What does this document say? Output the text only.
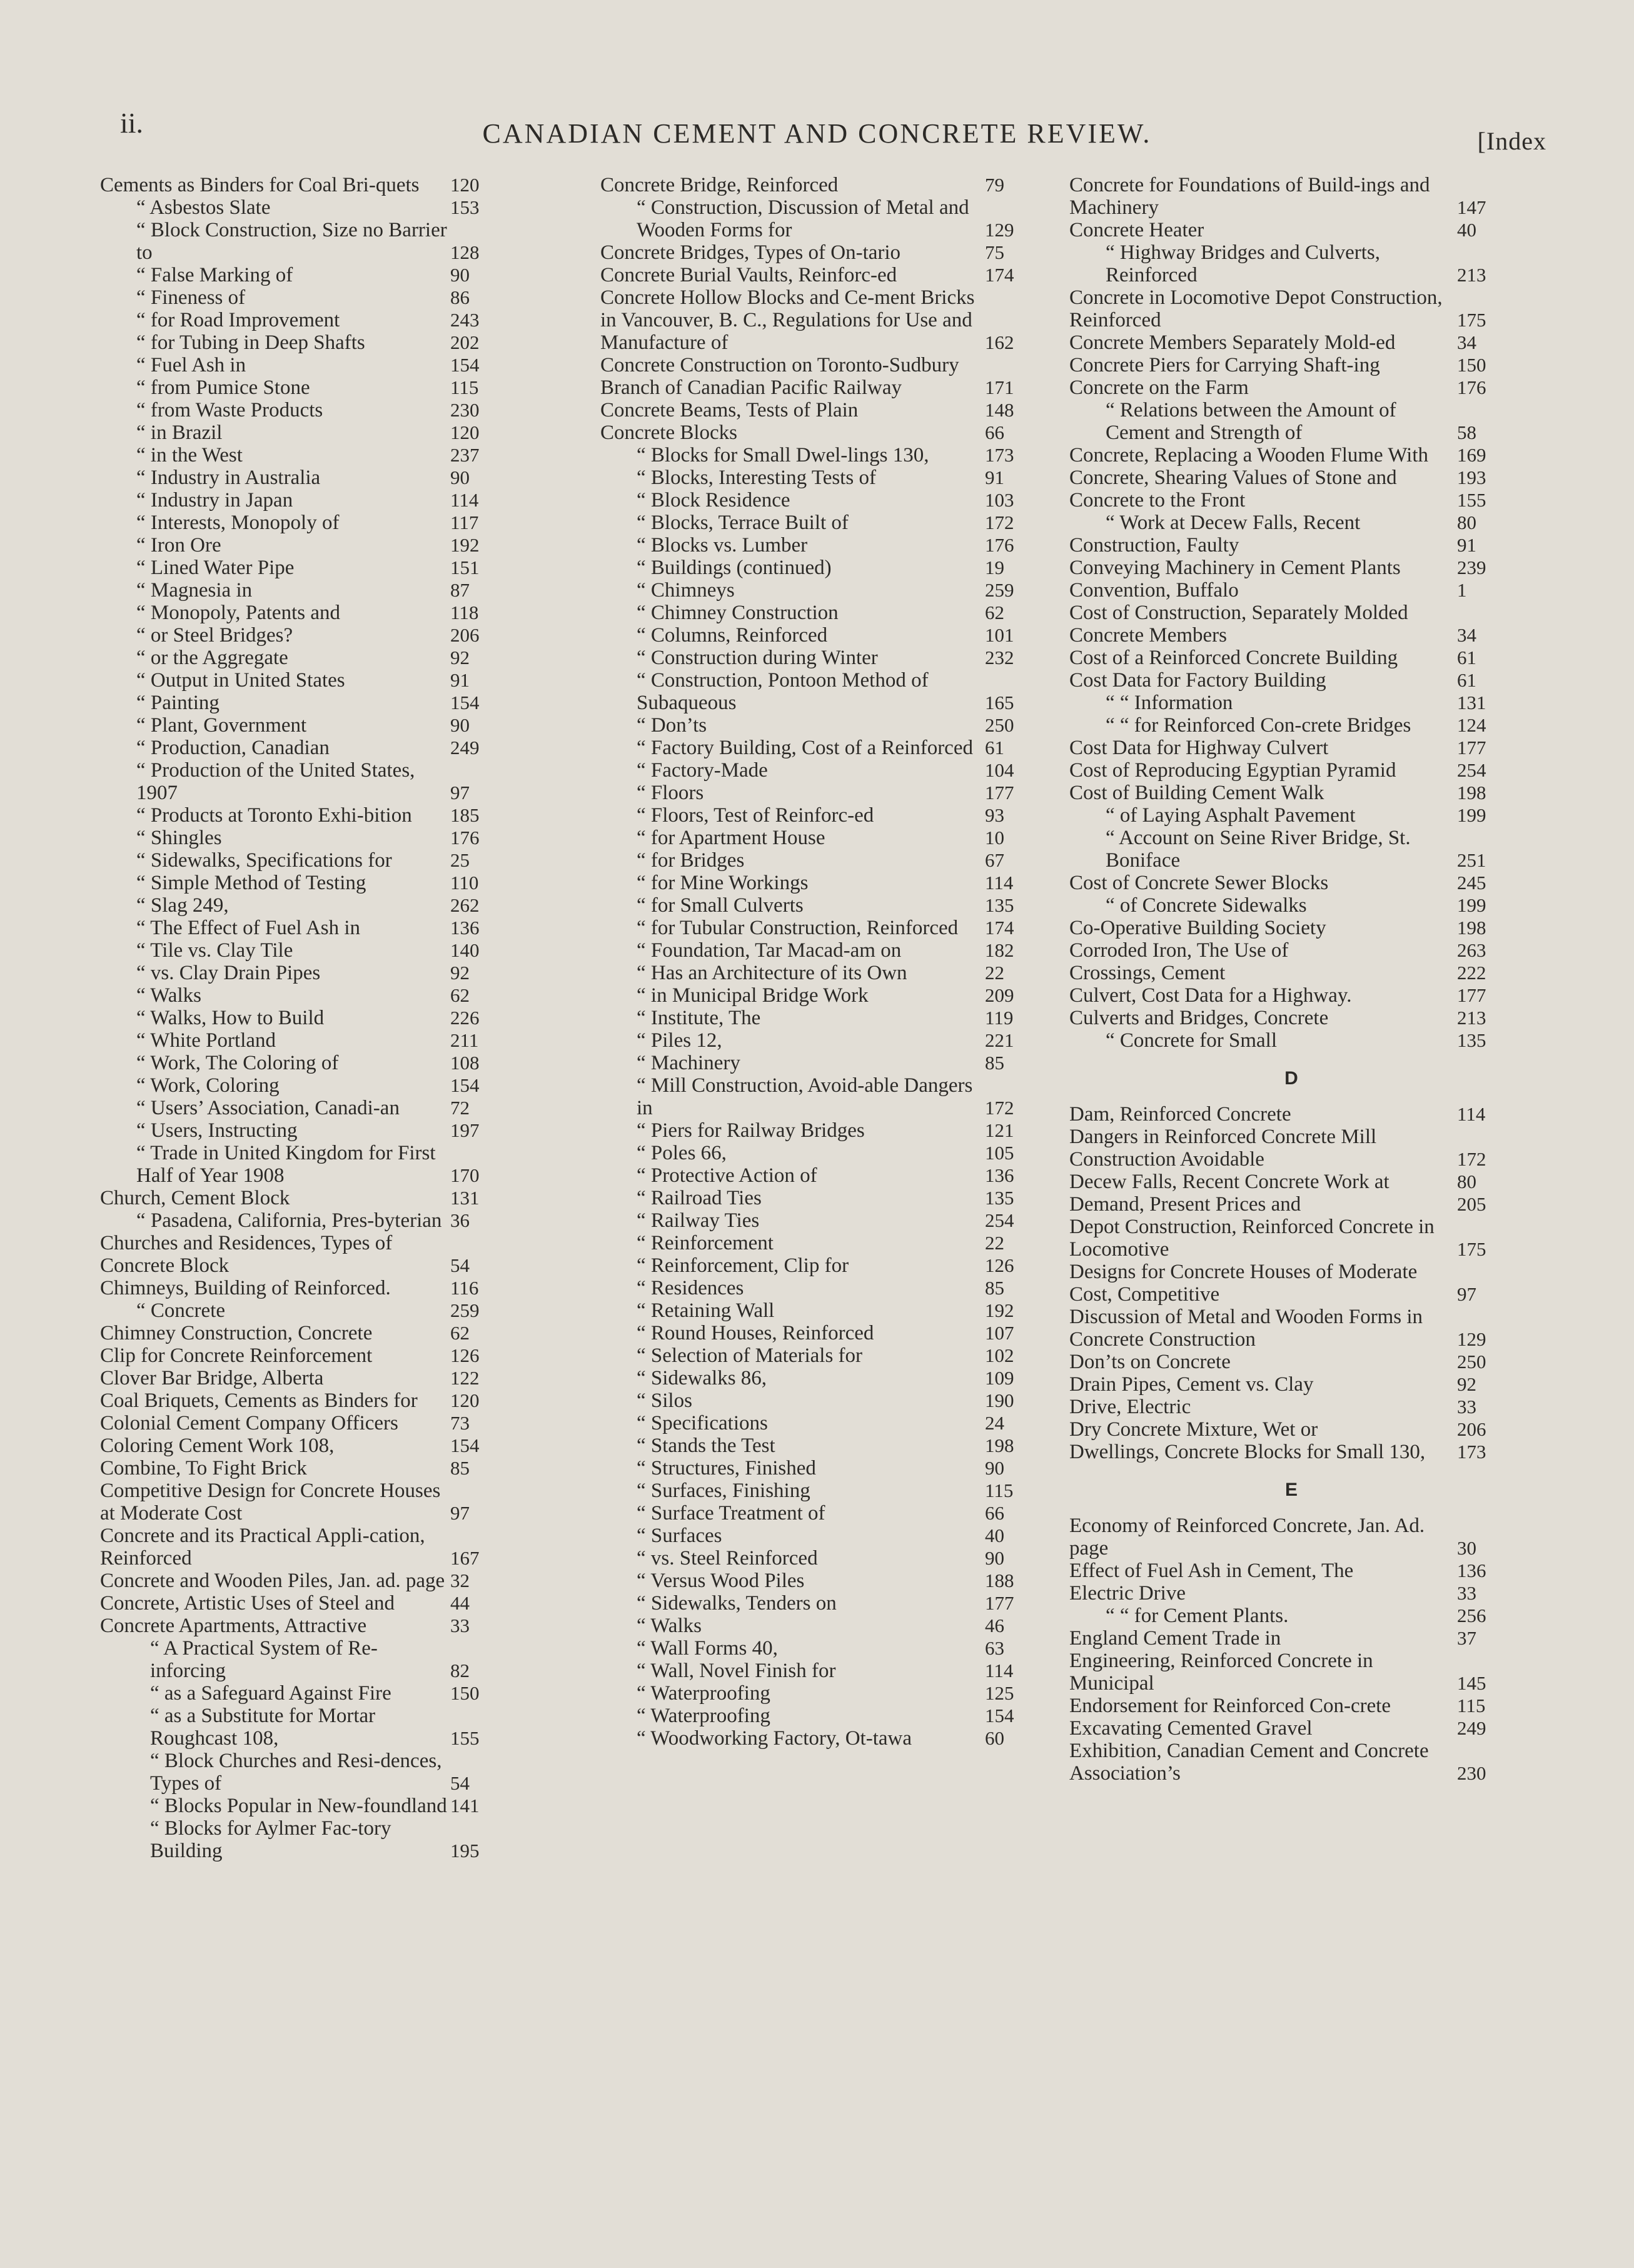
ii.	CANADIAN CEMENT AND CONCRETE REVIEW.	[Index
Cements as Binders for Coal Bri-quets	120
“ Asbestos Slate	153
“ Block Construction, Size no Barrier to	128
“ False Marking of	90
“ Fineness of	86
“ for Road Improvement	243
“ for Tubing in Deep Shafts	202
“ Fuel Ash in	154
“ from Pumice Stone	115
“ from Waste Products	230
“ in Brazil	120
“ in the West	237
“ Industry in Australia	90
“ Industry in Japan	114
“ Interests, Monopoly of	117
“ Iron Ore	192
“ Lined Water Pipe	151
“ Magnesia in	87
“ Monopoly, Patents and	118
“ or Steel Bridges?	206
“ or the Aggregate	92
“ Output in United States	91
“ Painting	154
“ Plant, Government	90
“ Production, Canadian	249
“ Production of the United States, 1907	97
“ Products at Toronto Exhi-bition	185
“ Shingles	176
“ Sidewalks, Specifications for	25
“ Simple Method of Testing	110
“ Slag 249,	262
“ The Effect of Fuel Ash in	136
“ Tile vs. Clay Tile	140
“ vs. Clay Drain Pipes	92
“ Walks	62
“ Walks, How to Build	226
“ White Portland	211
“ Work, The Coloring of	108
“ Work, Coloring	154
“ Users’ Association, Canadi-an	72
“ Users, Instructing	197
“ Trade in United Kingdom for First Half of Year 1908	170
Church, Cement Block	131
“ Pasadena, California, Pres-byterian 36
Churches and Residences, Types of Concrete Block	54
Chimneys, Building of Reinforced.	116
“ Concrete	259
Chimney Construction, Concrete	62
Clip for Concrete Reinforcement	126
Clover Bar Bridge, Alberta	122
Coal Briquets, Cements as Binders for	120
Colonial Cement Company Officers	73
Coloring Cement Work 108,	154
Combine, To Fight Brick	85
Competitive Design for Concrete Houses at Moderate Cost	97
Concrete and its Practical Appli-cation, Reinforced	167
Concrete and Wooden Piles, Jan. ad. page 32
Concrete, Artistic Uses of Steel and	44
Concrete Apartments, Attractive	33
“ A Practical System of Re-inforcing	82
“ as a Safeguard Against Fire	150
“ as a Substitute for Mortar Roughcast 108,	155
“ Block Churches and Resi-dences, Types of	54
“ Blocks Popular in New-foundland 141
“ Blocks for Aylmer Fac-tory Building	195
Concrete Bridge, Reinforced	79
“ Construction, Discussion of Metal and Wooden Forms for	129
Concrete Bridges, Types of On-tario	75
Concrete Burial Vaults, Reinforc-ed	174
Concrete Hollow Blocks and Ce-ment Bricks in Vancouver, B. C., Regulations for Use and Manufacture of	162
Concrete Construction on Toronto-Sudbury Branch of Canadian Pacific Railway	171
Concrete Beams, Tests of Plain	148
Concrete Blocks	66
“ Blocks for Small Dwel-lings 130,	173
“ Blocks, Interesting Tests of	91
“ Block Residence	103
“ Blocks, Terrace Built of	172
“ Blocks vs. Lumber	176
“ Buildings (continued)	19
“ Chimneys	259
“ Chimney Construction	62
“ Columns, Reinforced	101
“ Construction during Winter	232
“ Construction, Pontoon Method of Subaqueous	165
“ Don’ts	250
“ Factory Building, Cost of a Reinforced 61
“ Factory-Made	104
“ Floors	177
“ Floors, Test of Reinforc-ed	93
“ for Apartment House	10
“ for Bridges	67
“ for Mine Workings	114
“ for Small Culverts	135
“ for Tubular Construction, Reinforced	174
“ Foundation, Tar Macad-am on	182
“ Has an Architecture of its Own	22
“ in Municipal Bridge Work	209
“ Institute, The	119
“ Piles 12,	221
“ Machinery	85
“ Mill Construction, Avoid-able Dangers in	172
“ Piers for Railway Bridges	121
“ Poles 66,	105
“ Protective Action of	136
“ Railroad Ties	135
“ Railway Ties	254
“ Reinforcement	22
“ Reinforcement, Clip for	126
“ Residences	85
“ Retaining Wall	192
“ Round Houses, Reinforced	107
“ Selection of Materials for	102
“ Sidewalks 86,	109
“ Silos	190
“ Specifications	24
“ Stands the Test	198
“ Structures, Finished	90
“ Surfaces, Finishing	115
“ Surface Treatment of	66
“ Surfaces	40
“ vs. Steel Reinforced	90
“ Versus Wood Piles	188
“ Sidewalks, Tenders on	177
“ Walks	46
“ Wall Forms 40,	63
“ Wall, Novel Finish for	114
“ Waterproofing	125
“ Waterproofing	154
“ Woodworking Factory, Ot-tawa	60
Concrete for Foundations of Build-ings and Machinery	147
Concrete Heater	40
“ Highway Bridges and Culverts, Reinforced	213
Concrete in Locomotive Depot Construction, Reinforced	175
Concrete Members Separately Mold-ed	34
Concrete Piers for Carrying Shaft-ing	150
Concrete on the Farm	176
“ Relations between the Amount of Cement and Strength of	58
Concrete, Replacing a Wooden Flume With	169
Concrete, Shearing Values of Stone and	193
Concrete to the Front	155
“ Work at Decew Falls, Recent	80
Construction, Faulty	91
Conveying Machinery in Cement Plants	239
Convention, Buffalo	1
Cost of Construction, Separately Molded Concrete Members	34
Cost of a Reinforced Concrete Building	61
Cost Data for Factory Building	61
“ “ Information	131
“ “ for Reinforced Con-crete Bridges	124
Cost Data for Highway Culvert	177
Cost of Reproducing Egyptian Pyramid	254
Cost of Building Cement Walk	198
“ of Laying Asphalt Pavement	199
“ Account on Seine River Bridge, St. Boniface	251
Cost of Concrete Sewer Blocks	245
“ of Concrete Sidewalks	199
Co-Operative Building Society	198
Corroded Iron, The Use of	263
Crossings, Cement	222
Culvert, Cost Data for a Highway.	177
Culverts and Bridges, Concrete	213
“ Concrete for Small	135
D
Dam, Reinforced Concrete	114
Dangers in Reinforced Concrete Mill Construction Avoidable	172
Decew Falls, Recent Concrete Work at	80
Demand, Present Prices and	205
Depot Construction, Reinforced Concrete in Locomotive	175
Designs for Concrete Houses of Moderate Cost, Competitive	97
Discussion of Metal and Wooden Forms in Concrete Construction	129
Don’ts on Concrete	250
Drain Pipes, Cement vs. Clay	92
Drive, Electric	33
Dry Concrete Mixture, Wet or	206
Dwellings, Concrete Blocks for Small 130,	173
E
Economy of Reinforced Concrete, Jan. Ad. page	30
Effect of Fuel Ash in Cement, The	136
Electric Drive	33
“ “ for Cement Plants.	256
England Cement Trade in	37
Engineering, Reinforced Concrete in Municipal	145
Endorsement for Reinforced Con-crete	115
Excavating Cemented Gravel	249
Exhibition, Canadian Cement and Concrete Association’s	230
